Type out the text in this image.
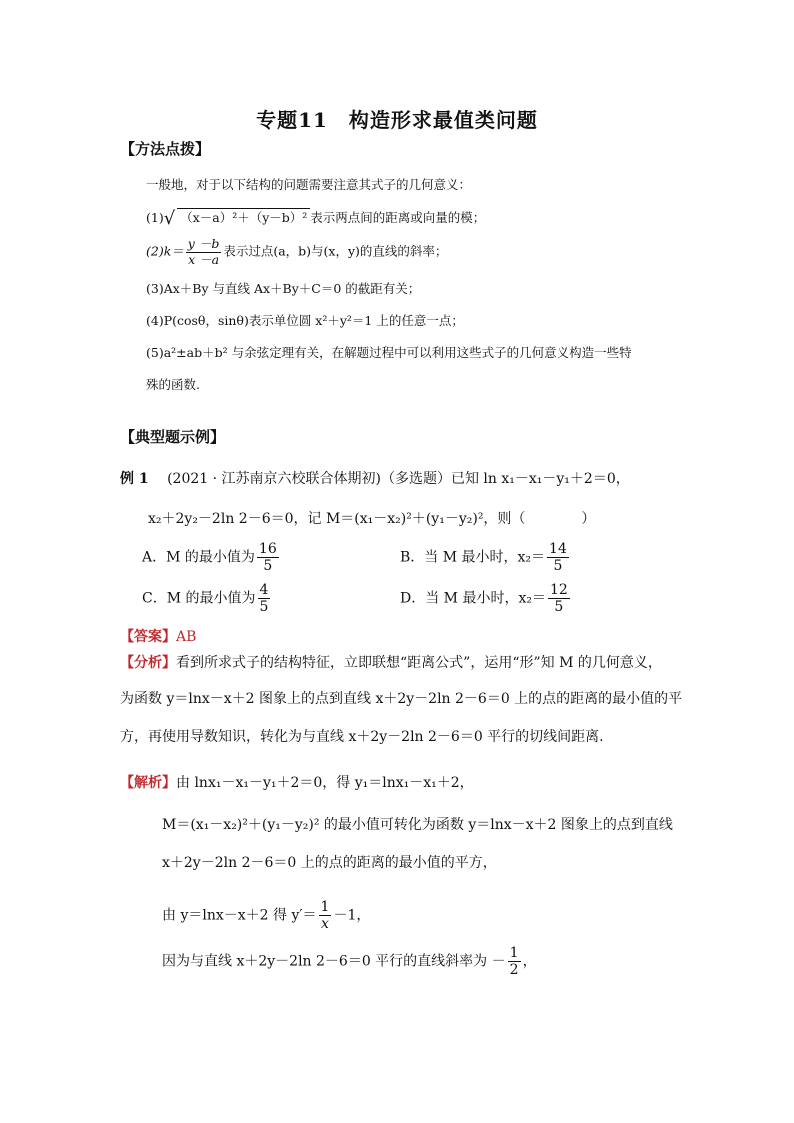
专题11　构造形求最值类问题
【方法点拨】
一般地，对于以下结构的问题需要注意其式子的几何意义：
(1)√ （x－a）²＋（y－b）² 表示两点间的距离或向量的模；
$(2)k= \frac{y -b}{x -a}$ 表示过点(a，b)与(x，y)的直线的斜率；
(3)Ax＋By 与直线 Ax＋By＋C＝0 的截距有关；
(4)P(cosθ，sinθ)表示单位圆 x²＋y²＝1 上的任意一点；
(5)a²±ab＋b² 与余弦定理有关，在解题过程中可以利用这些式子的几何意义构造一些特
殊的函数.
【典型题示例】
例 1 (2021 · 江苏南京六校联合体期初)（多选题）已知 ln x₁－x₁－y₁＋2＝0，
x₂＋2y₂－2ln 2－6＝0，记 M＝(x₁－x₂)²＋(y₁－y₂)²，则（　　　　）
A．M 的最小值为 $\frac{16}{5}$	B．当 M 最小时，$x_2= \frac{14}{5}$
C．M 的最小值为 $\frac{4}{5}$	D．当 M 最小时，$x_2= \frac{12}{5}$
【答案】AB
【分析】看到所求式子的结构特征，立即联想“距离公式”，运用“形”知 M 的几何意义，
为函数 y＝lnx－x＋2 图象上的点到直线 x＋2y－2ln 2－6＝0 上的点的距离的最小值的平
方，再使用导数知识，转化为与直线 x＋2y－2ln 2－6＝0 平行的切线间距离.
【解析】由 lnx₁－x₁－y₁＋2＝0，得 y₁＝lnx₁－x₁＋2，
M＝(x₁－x₂)²＋(y₁－y₂)² 的最小值可转化为函数 y＝lnx－x＋2 图象上的点到直线
x＋2y－2ln 2－6＝0 上的点的距离的最小值的平方，
由 y＝lnx－x＋2 得 $y'= \frac{1}{x} -1$，
因为与直线 x＋2y－2ln 2－6＝0 平行的直线斜率为 － $\frac{1}{2}$ ，
